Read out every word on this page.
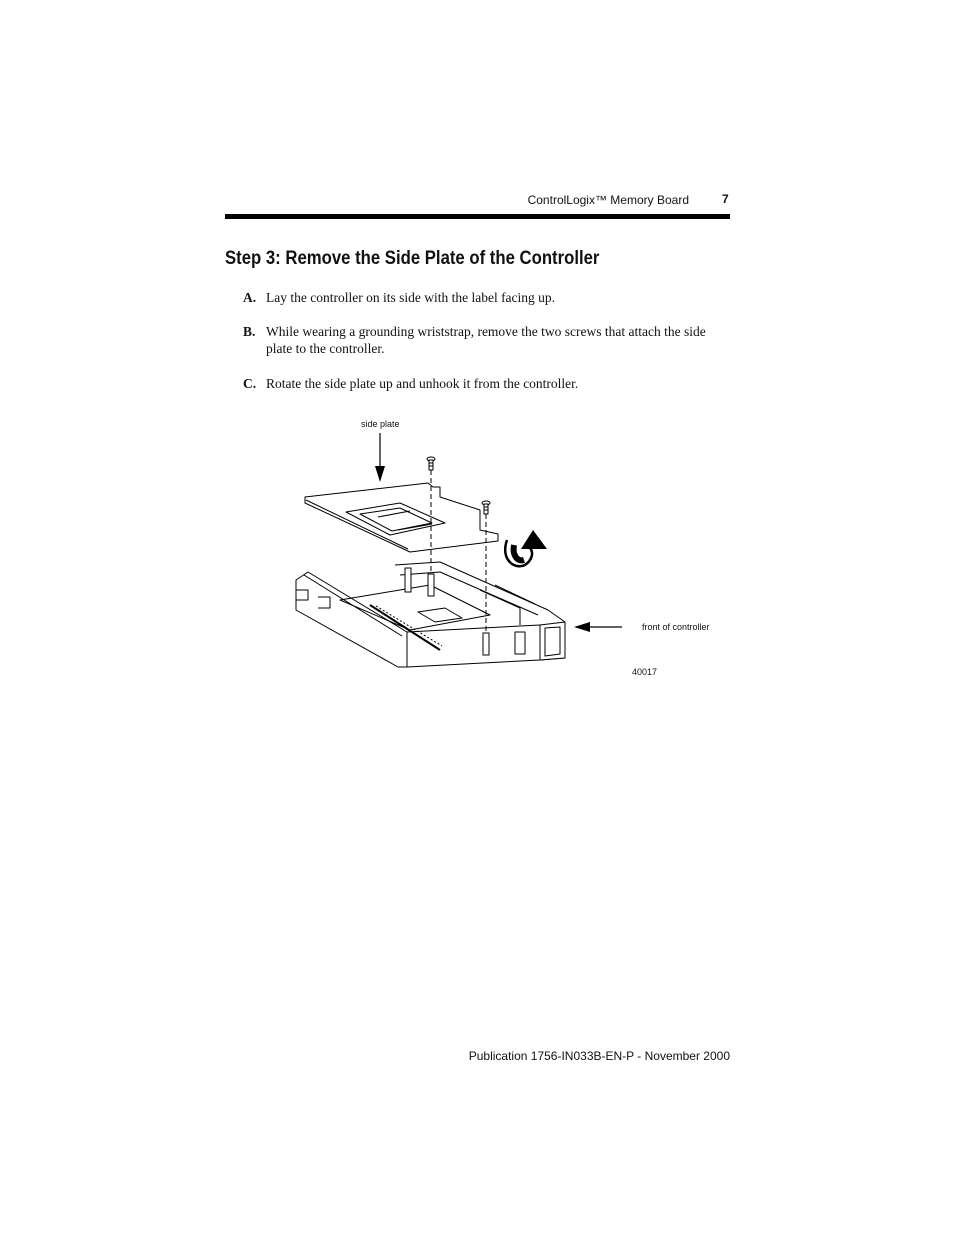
ControlLogix™ Memory Board	7
Step 3: Remove the Side Plate of the Controller
A. Lay the controller on its side with the label facing up.
B. While wearing a grounding wriststrap, remove the two screws that attach the side plate to the controller.
C. Rotate the side plate up and unhook it from the controller.
side plate
front of controller
40017
Publication 1756-IN033B-EN-P - November 2000
